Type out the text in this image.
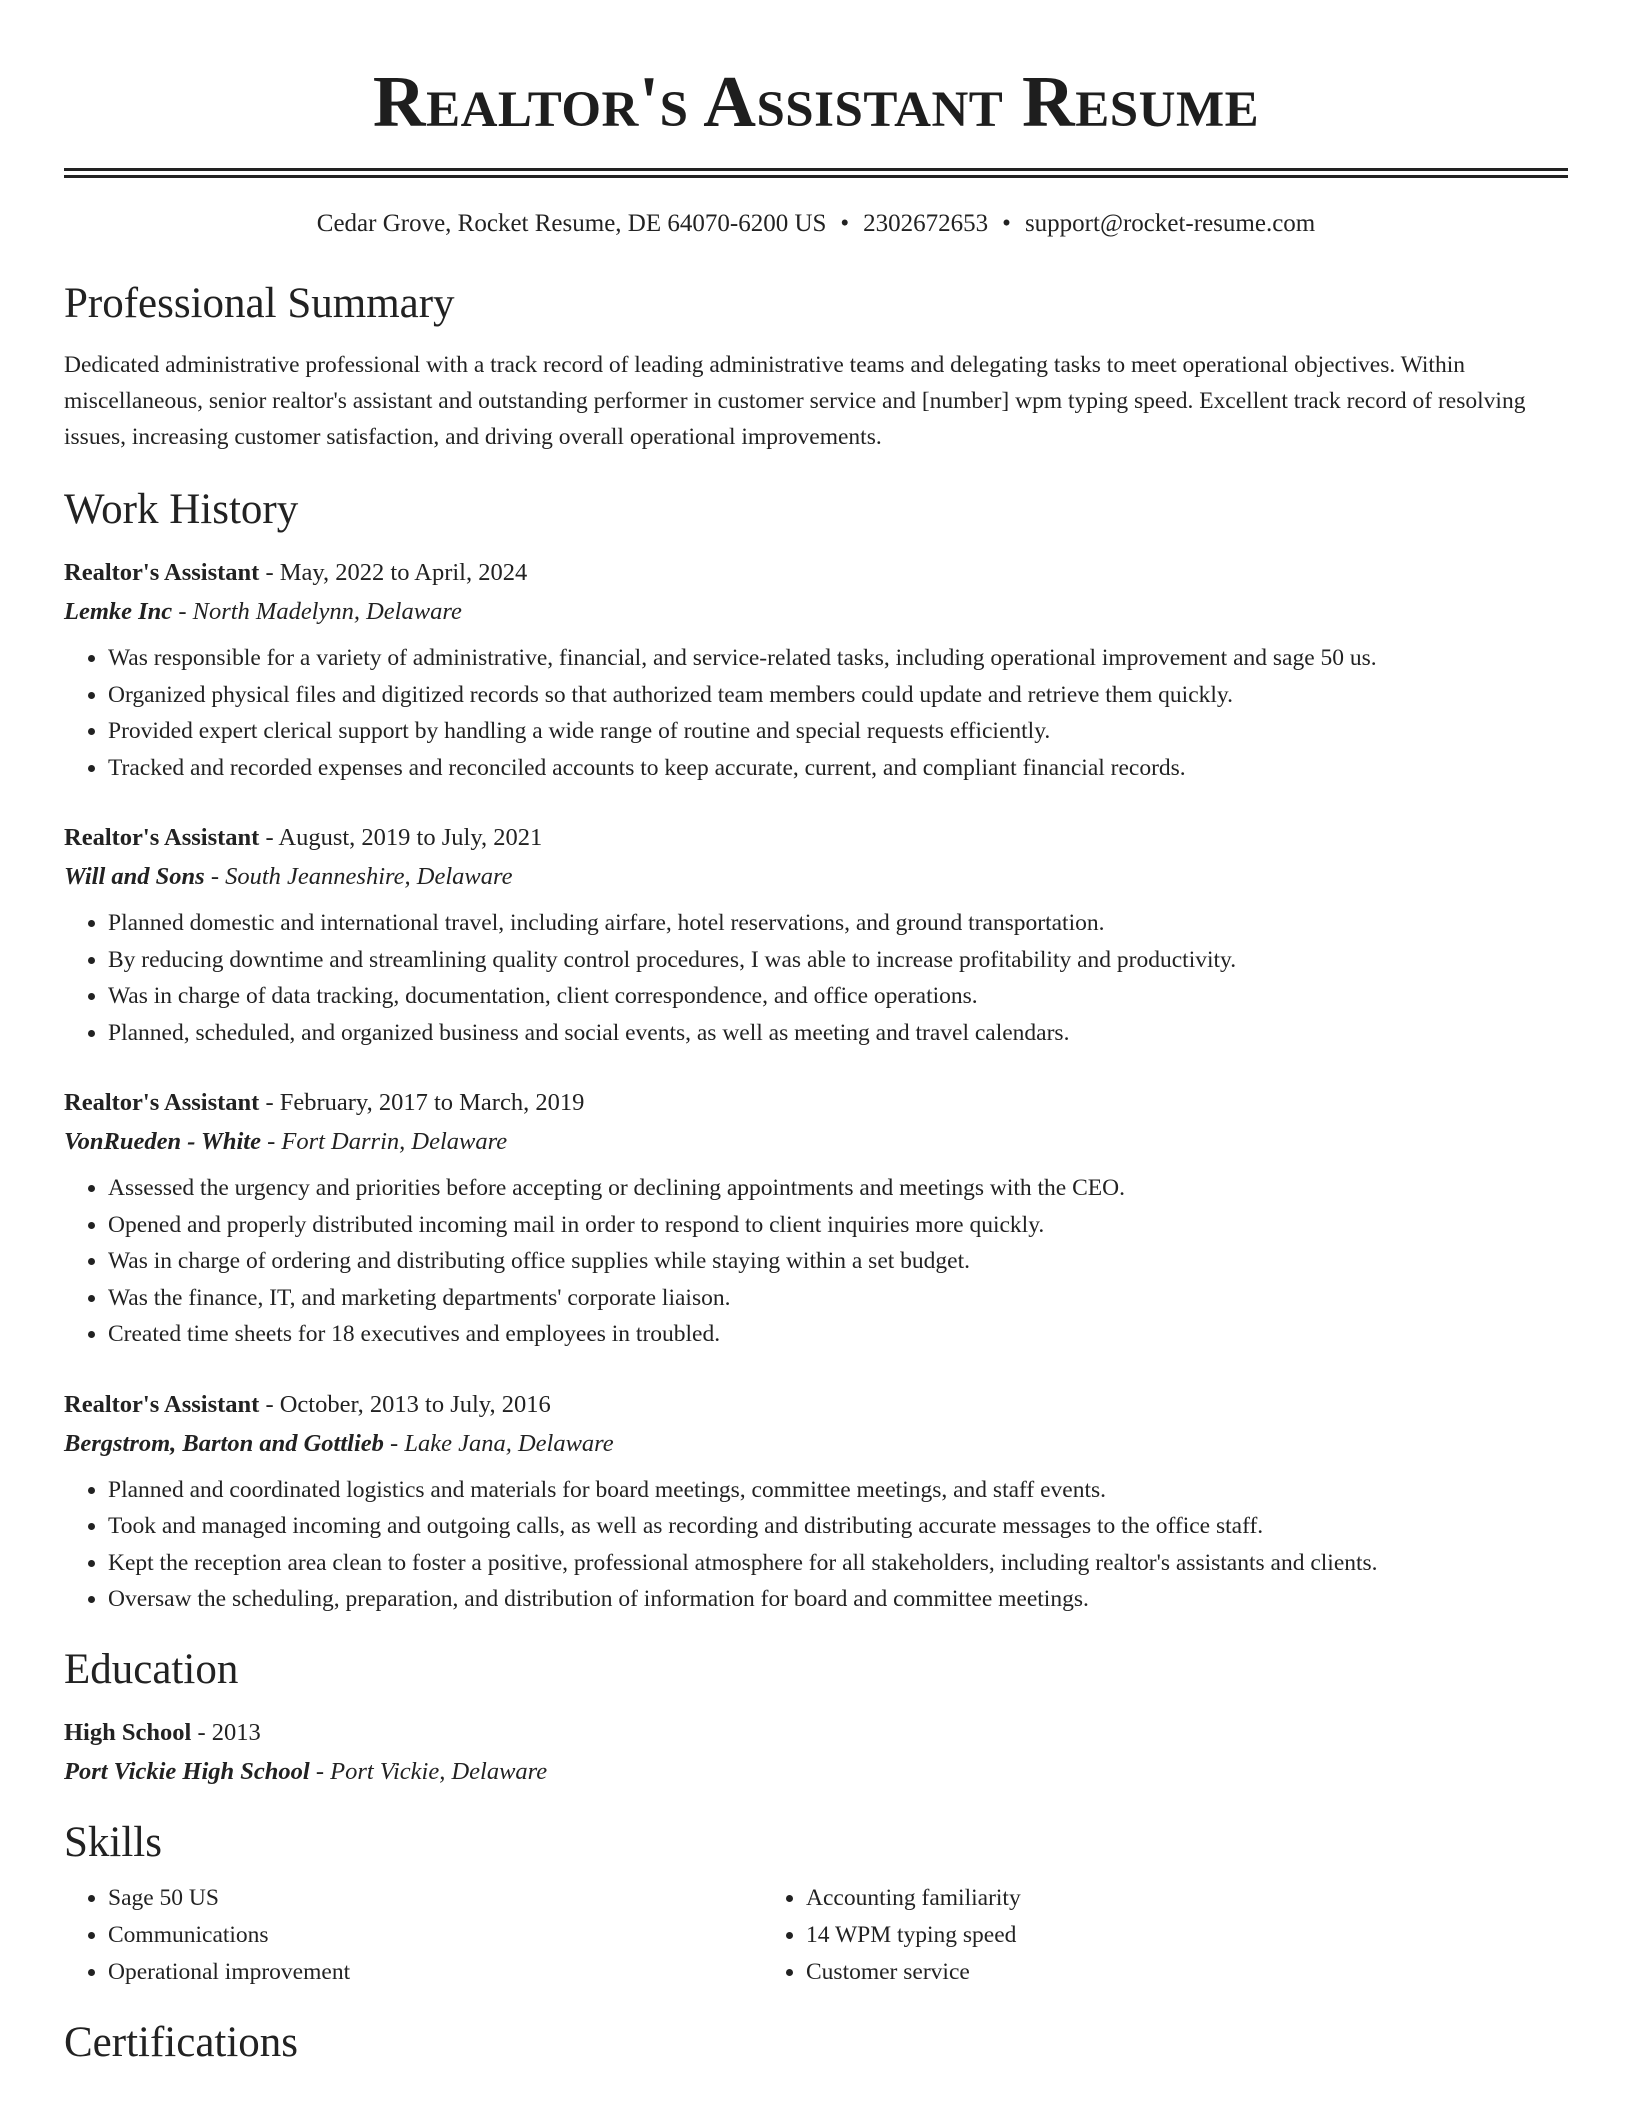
Realtor's Assistant Resume
Cedar Grove, Rocket Resume, DE 64070-6200 US • 2302672653 • support@rocket-resume.com
Professional Summary

Dedicated administrative professional with a track record of leading administrative teams and delegating tasks to meet operational objectives. Within miscellaneous, senior realtor's assistant and outstanding performer in customer service and [number] wpm typing speed. Excellent track record of resolving issues, increasing customer satisfaction, and driving overall operational improvements.

Work History
Realtor's Assistant - May, 2022 to April, 2024
Lemke Inc - North Madelynn, Delaware
• Was responsible for a variety of administrative, financial, and service-related tasks, including operational improvement and sage 50 us.
• Organized physical files and digitized records so that authorized team members could update and retrieve them quickly.
• Provided expert clerical support by handling a wide range of routine and special requests efficiently.
• Tracked and recorded expenses and reconciled accounts to keep accurate, current, and compliant financial records.
Realtor's Assistant - August, 2019 to July, 2021
Will and Sons - South Jeanneshire, Delaware
• Planned domestic and international travel, including airfare, hotel reservations, and ground transportation.
• By reducing downtime and streamlining quality control procedures, I was able to increase profitability and productivity.
• Was in charge of data tracking, documentation, client correspondence, and office operations.
• Planned, scheduled, and organized business and social events, as well as meeting and travel calendars.
Realtor's Assistant - February, 2017 to March, 2019
VonRueden - White - Fort Darrin, Delaware
• Assessed the urgency and priorities before accepting or declining appointments and meetings with the CEO.
• Opened and properly distributed incoming mail in order to respond to client inquiries more quickly.
• Was in charge of ordering and distributing office supplies while staying within a set budget.
• Was the finance, IT, and marketing departments' corporate liaison.
• Created time sheets for 18 executives and employees in troubled.
Realtor's Assistant - October, 2013 to July, 2016
Bergstrom, Barton and Gottlieb - Lake Jana, Delaware
• Planned and coordinated logistics and materials for board meetings, committee meetings, and staff events.
• Took and managed incoming and outgoing calls, as well as recording and distributing accurate messages to the office staff.
• Kept the reception area clean to foster a positive, professional atmosphere for all stakeholders, including realtor's assistants and clients.
• Oversaw the scheduling, preparation, and distribution of information for board and committee meetings.
Education
High School - 2013
Port Vickie High School - Port Vickie, Delaware
Skills
• Sage 50 US
• Communications
• Operational improvement
• Accounting familiarity
• 14 WPM typing speed
• Customer service
Certifications
